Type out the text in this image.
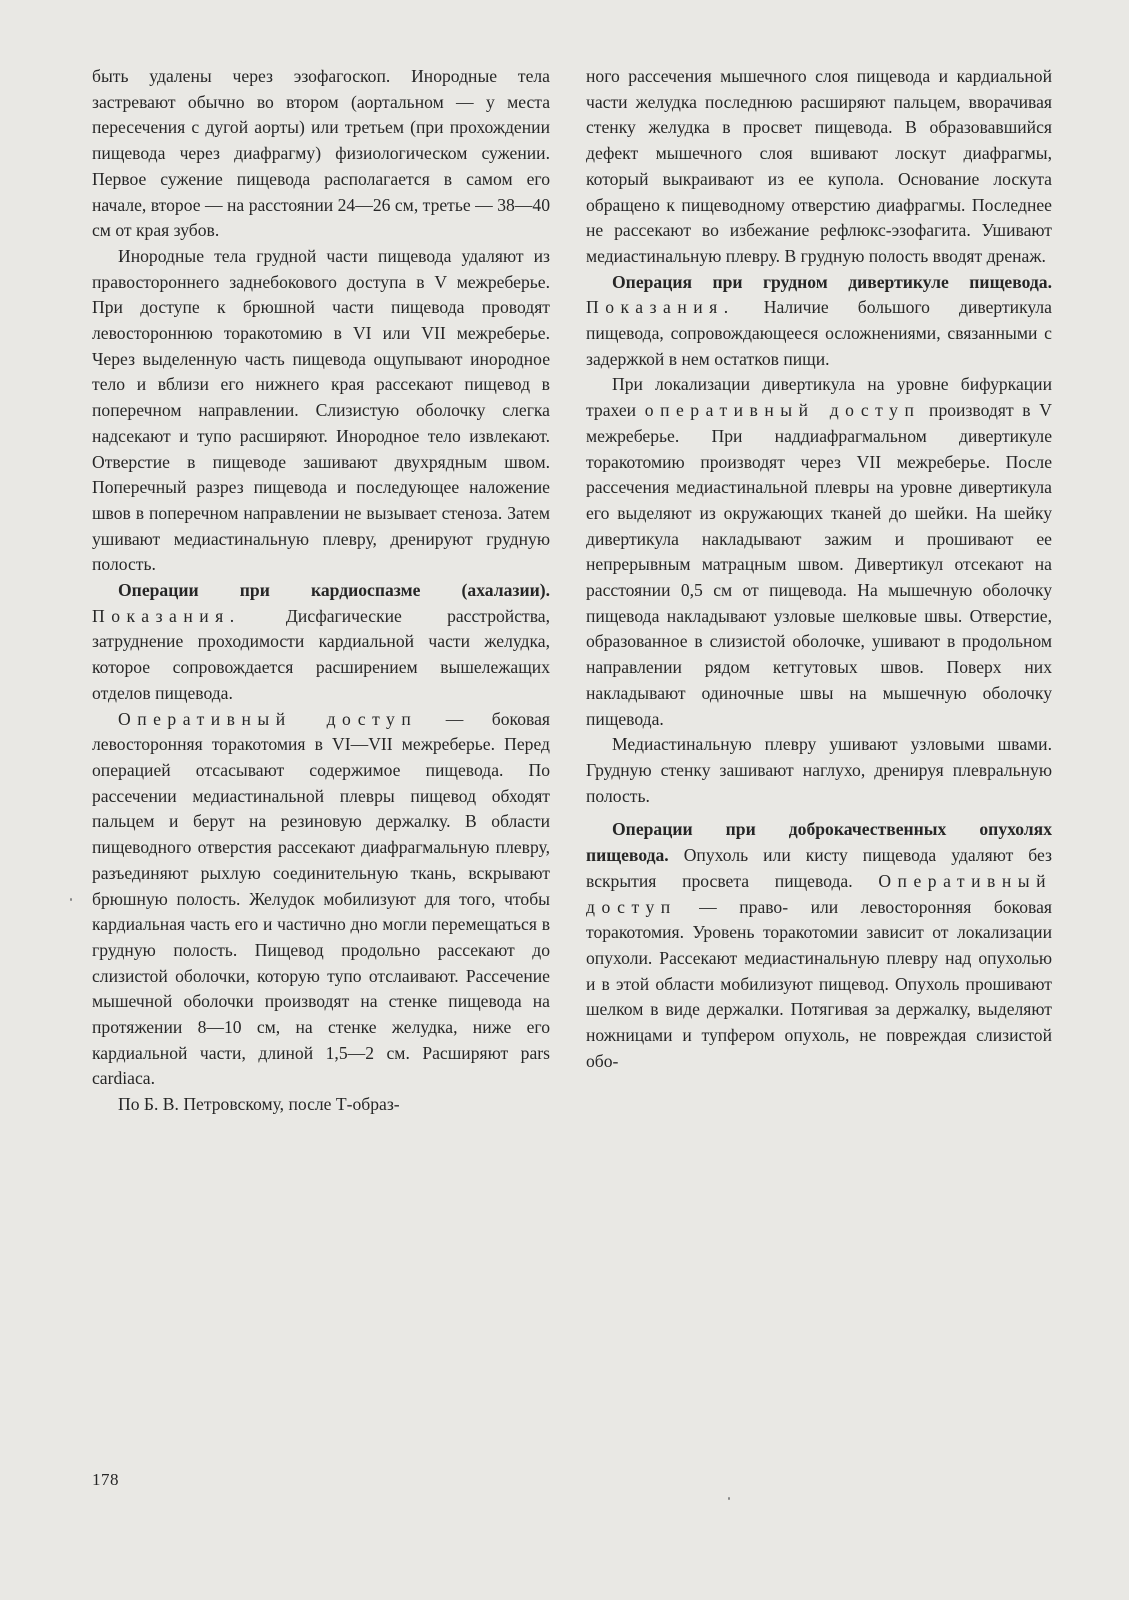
быть удалены через эзофагоскоп. Инородные тела застревают обычно во втором (аортальном — у места пересечения с дугой аорты) или третьем (при прохождении пищевода через диафрагму) физиологическом сужении. Первое сужение пищевода располагается в самом его начале, второе — на расстоянии 24—26 см, третье — 38—40 см от края зубов.

Инородные тела грудной части пищевода удаляют из правостороннего заднебокового доступа в V межреберье. При доступе к брюшной части пищевода проводят левостороннюю торакотомию в VI или VII межреберье. Через выделенную часть пищевода ощупывают инородное тело и вблизи его нижнего края рассекают пищевод в поперечном направлении. Слизистую оболочку слегка надсекают и тупо расширяют. Инородное тело извлекают. Отверстие в пищеводе зашивают двухрядным швом. Поперечный разрез пищевода и последующее наложение швов в поперечном направлении не вызывает стеноза. Затем ушивают медиастинальную плевру, дренируют грудную полость.

Операции при кардиоспазме (ахалазии). Показания.	Дисфагические расстройства, затруднение проходимости кардиальной части желудка, которое сопровождается расширением вышележащих отделов пищевода.

Оперативный доступ — боковая левосторонняя торакотомия в VI—VII межреберье. Перед операцией отсасывают содержимое пищевода. По рассечении медиастинальной плевры пищевод обходят пальцем и берут на резиновую держалку. В области пищеводного отверстия рассекают диафрагмальную плевру, разъединяют рыхлую соединительную ткань, вскрывают брюшную полость. Желудок мобилизуют для того, чтобы кардиальная часть его и частично дно могли перемещаться в грудную полость. Пищевод продольно рассекают до слизистой оболочки, которую тупо отслаивают. Рассечение мышечной оболочки производят на стенке пищевода на протяжении 8—10 см, на стенке желудка, ниже его кардиальной части, длиной 1,5—2 см. Расширяют pars cardiaca.

По Б. В. Петровскому, после Т-образ-

ного рассечения мышечного слоя пищевода и кардиальной части желудка последнюю расширяют пальцем, вворачивая стенку желудка в просвет пищевода. В образовавшийся дефект мышечного слоя вшивают лоскут диафрагмы, который выкраивают из ее купола. Основание лоскута обращено к пищеводному отверстию диафрагмы. Последнее не рассекают во избежание рефлюкс-эзофагита. Ушивают медиастинальную плевру. В грудную полость вводят дренаж.

Операция при грудном дивертикуле пищевода. Показания. Наличие большого дивертикула пищевода, сопровождающееся осложнениями, связанными с задержкой в нем остатков пищи.

При локализации дивертикула на уровне бифуркации трахеи оперативный доступ производят в V межреберье. При наддиафрагмальном дивертикуле торакотомию производят через VII межреберье. После рассечения медиастинальной плевры на уровне дивертикула его выделяют из окружающих тканей до шейки. На шейку дивертикула накладывают зажим и прошивают ее непрерывным матрацным швом. Дивертикул отсекают на расстоянии 0,5 см от пищевода. На мышечную оболочку пищевода накладывают узловые шелковые швы. Отверстие, образованное в слизистой оболочке, ушивают в продольном направлении рядом кетгутовых швов. Поверх них накладывают одиночные швы на мышечную оболочку пищевода.

Медиастинальную плевру ушивают узловыми швами. Грудную стенку зашивают наглухо, дренируя плевральную полость.

Операции при доброкачественных опухолях пищевода. Опухоль или кисту пищевода удаляют без вскрытия просвета пищевода. Оперативный доступ — право- или левосторонняя боковая торакотомия. Уровень торакотомии зависит от локализации опухоли. Рассекают медиастинальную плевру над опухолью и в этой области мобилизуют пищевод. Опухоль прошивают шелком в виде держалки. Потягивая за держалку, выделяют ножницами и тупфером опухоль, не повреждая слизистой обо-

178
